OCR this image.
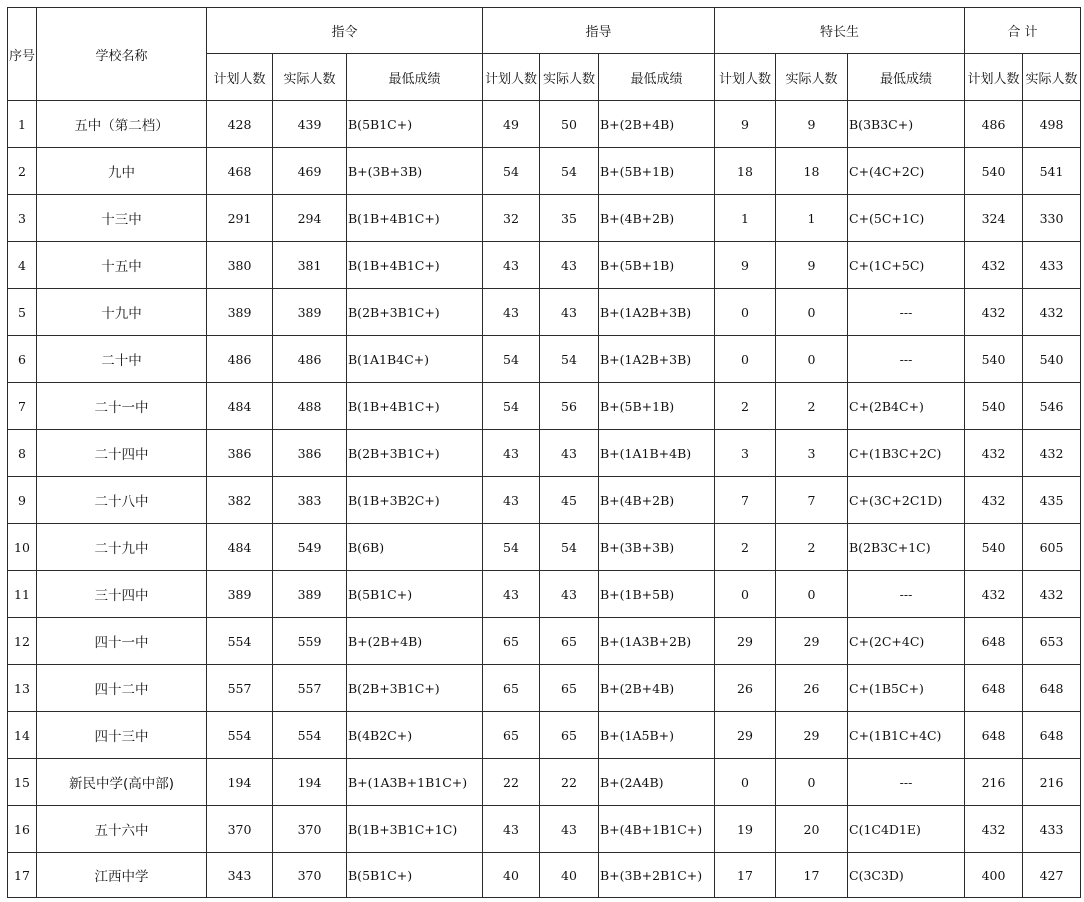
序号	学校名称	指令			指导			特长生			合 计	
		计划人数	实际人数	最低成绩	计划人数	实际人数	最低成绩	计划人数	实际人数	最低成绩	计划人数	实际人数
1	五中（第二档）	428	439	B(5B1C+)	49	50	B+(2B+4B)	9	9	B(3B3C+)	486	498
2	九中	468	469	B+(3B+3B)	54	54	B+(5B+1B)	18	18	C+(4C+2C)	540	541
3	十三中	291	294	B(1B+4B1C+)	32	35	B+(4B+2B)	1	1	C+(5C+1C)	324	330
4	十五中	380	381	B(1B+4B1C+)	43	43	B+(5B+1B)	9	9	C+(1C+5C)	432	433
5	十九中	389	389	B(2B+3B1C+)	43	43	B+(1A2B+3B)	0	0	---	432	432
6	二十中	486	486	B(1A1B4C+)	54	54	B+(1A2B+3B)	0	0	---	540	540
7	二十一中	484	488	B(1B+4B1C+)	54	56	B+(5B+1B)	2	2	C+(2B4C+)	540	546
8	二十四中	386	386	B(2B+3B1C+)	43	43	B+(1A1B+4B)	3	3	C+(1B3C+2C)	432	432
9	二十八中	382	383	B(1B+3B2C+)	43	45	B+(4B+2B)	7	7	C+(3C+2C1D)	432	435
10	二十九中	484	549	B(6B)	54	54	B+(3B+3B)	2	2	B(2B3C+1C)	540	605
11	三十四中	389	389	B(5B1C+)	43	43	B+(1B+5B)	0	0	---	432	432
12	四十一中	554	559	B+(2B+4B)	65	65	B+(1A3B+2B)	29	29	C+(2C+4C)	648	653
13	四十二中	557	557	B(2B+3B1C+)	65	65	B+(2B+4B)	26	26	C+(1B5C+)	648	648
14	四十三中	554	554	B(4B2C+)	65	65	B+(1A5B+)	29	29	C+(1B1C+4C)	648	648
15	新民中学(高中部)	194	194	B+(1A3B+1B1C+)	22	22	B+(2A4B)	0	0	---	216	216
16	五十六中	370	370	B(1B+3B1C+1C)	43	43	B+(4B+1B1C+)	19	20	C(1C4D1E)	432	433
17	江西中学	343	370	B(5B1C+)	40	40	B+(3B+2B1C+)	17	17	C(3C3D)	400	427
